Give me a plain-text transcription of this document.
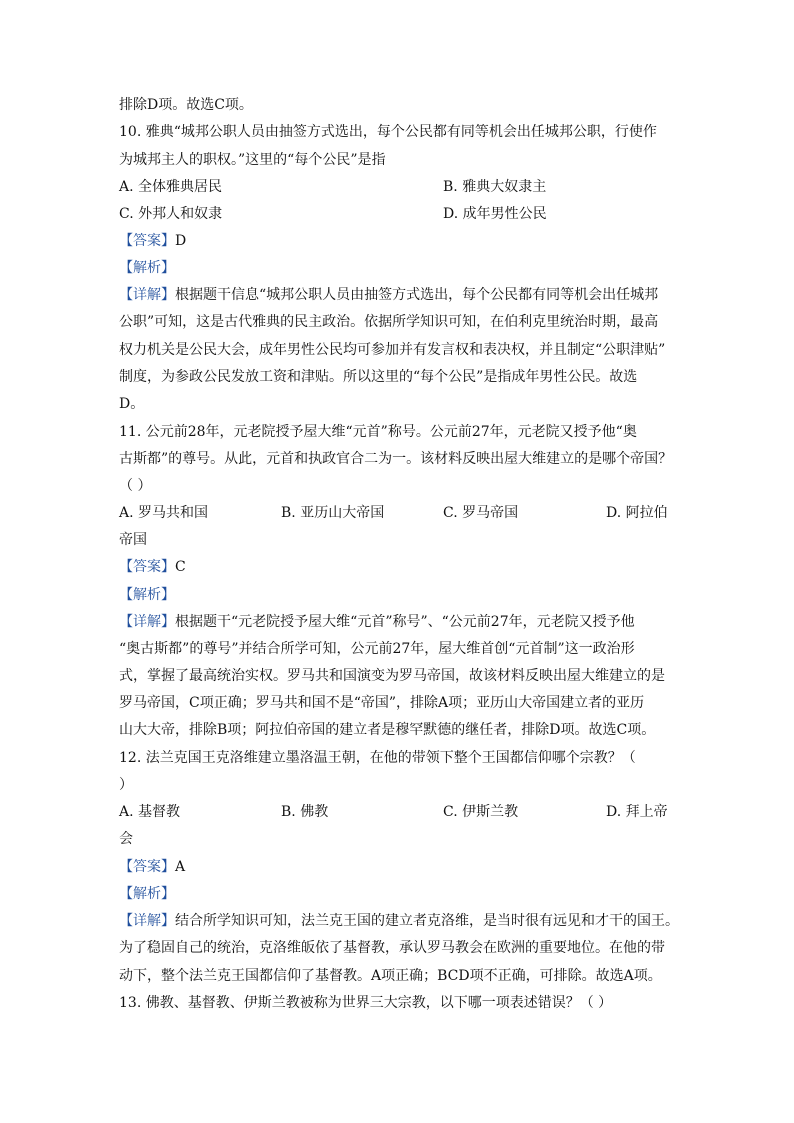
排除D项。故选C项。
10. 雅典“城邦公职人员由抽签方式选出，每个公民都有同等机会出任城邦公职，行使作
为城邦主人的职权。”这里的“每个公民”是指
A. 全体雅典居民	B. 雅典大奴隶主
C. 外邦人和奴隶	D. 成年男性公民
【答案】D
【解析】
【详解】根据题干信息“城邦公职人员由抽签方式选出，每个公民都有同等机会出任城邦
公职”可知，这是古代雅典的民主政治。依据所学知识可知，在伯利克里统治时期，最高
权力机关是公民大会，成年男性公民均可参加并有发言权和表决权，并且制定“公职津贴”
制度，为参政公民发放工资和津贴。所以这里的“每个公民”是指成年男性公民。故选
D。
11. 公元前28年，元老院授予屋大维“元首”称号。公元前27年，元老院又授予他“奥
古斯都”的尊号。从此，元首和执政官合二为一。该材料反映出屋大维建立的是哪个帝国？
（ ）
A. 罗马共和国	B. 亚历山大帝国	C. 罗马帝国	D. 阿拉伯
帝国
【答案】C
【解析】
【详解】根据题干“元老院授予屋大维“元首”称号”、“公元前27年，元老院又授予他
“奥古斯都”的尊号”并结合所学可知，公元前27年，屋大维首创“元首制”这一政治形
式，掌握了最高统治实权。罗马共和国演变为罗马帝国，故该材料反映出屋大维建立的是
罗马帝国，C项正确；罗马共和国不是“帝国”，排除A项；亚历山大帝国建立者的亚历
山大大帝，排除B项；阿拉伯帝国的建立者是穆罕默德的继任者，排除D项。故选C项。
12. 法兰克国王克洛维建立墨洛温王朝，在他的带领下整个王国都信仰哪个宗教？（
）
A. 基督教	B. 佛教	C. 伊斯兰教	D. 拜上帝
会
【答案】A
【解析】
【详解】结合所学知识可知，法兰克王国的建立者克洛维，是当时很有远见和才干的国王。
为了稳固自己的统治，克洛维皈依了基督教，承认罗马教会在欧洲的重要地位。在他的带
动下，整个法兰克王国都信仰了基督教。A项正确；BCD项不正确，可排除。故选A项。
13. 佛教、基督教、伊斯兰教被称为世界三大宗教，以下哪一项表述错误？（ ）
